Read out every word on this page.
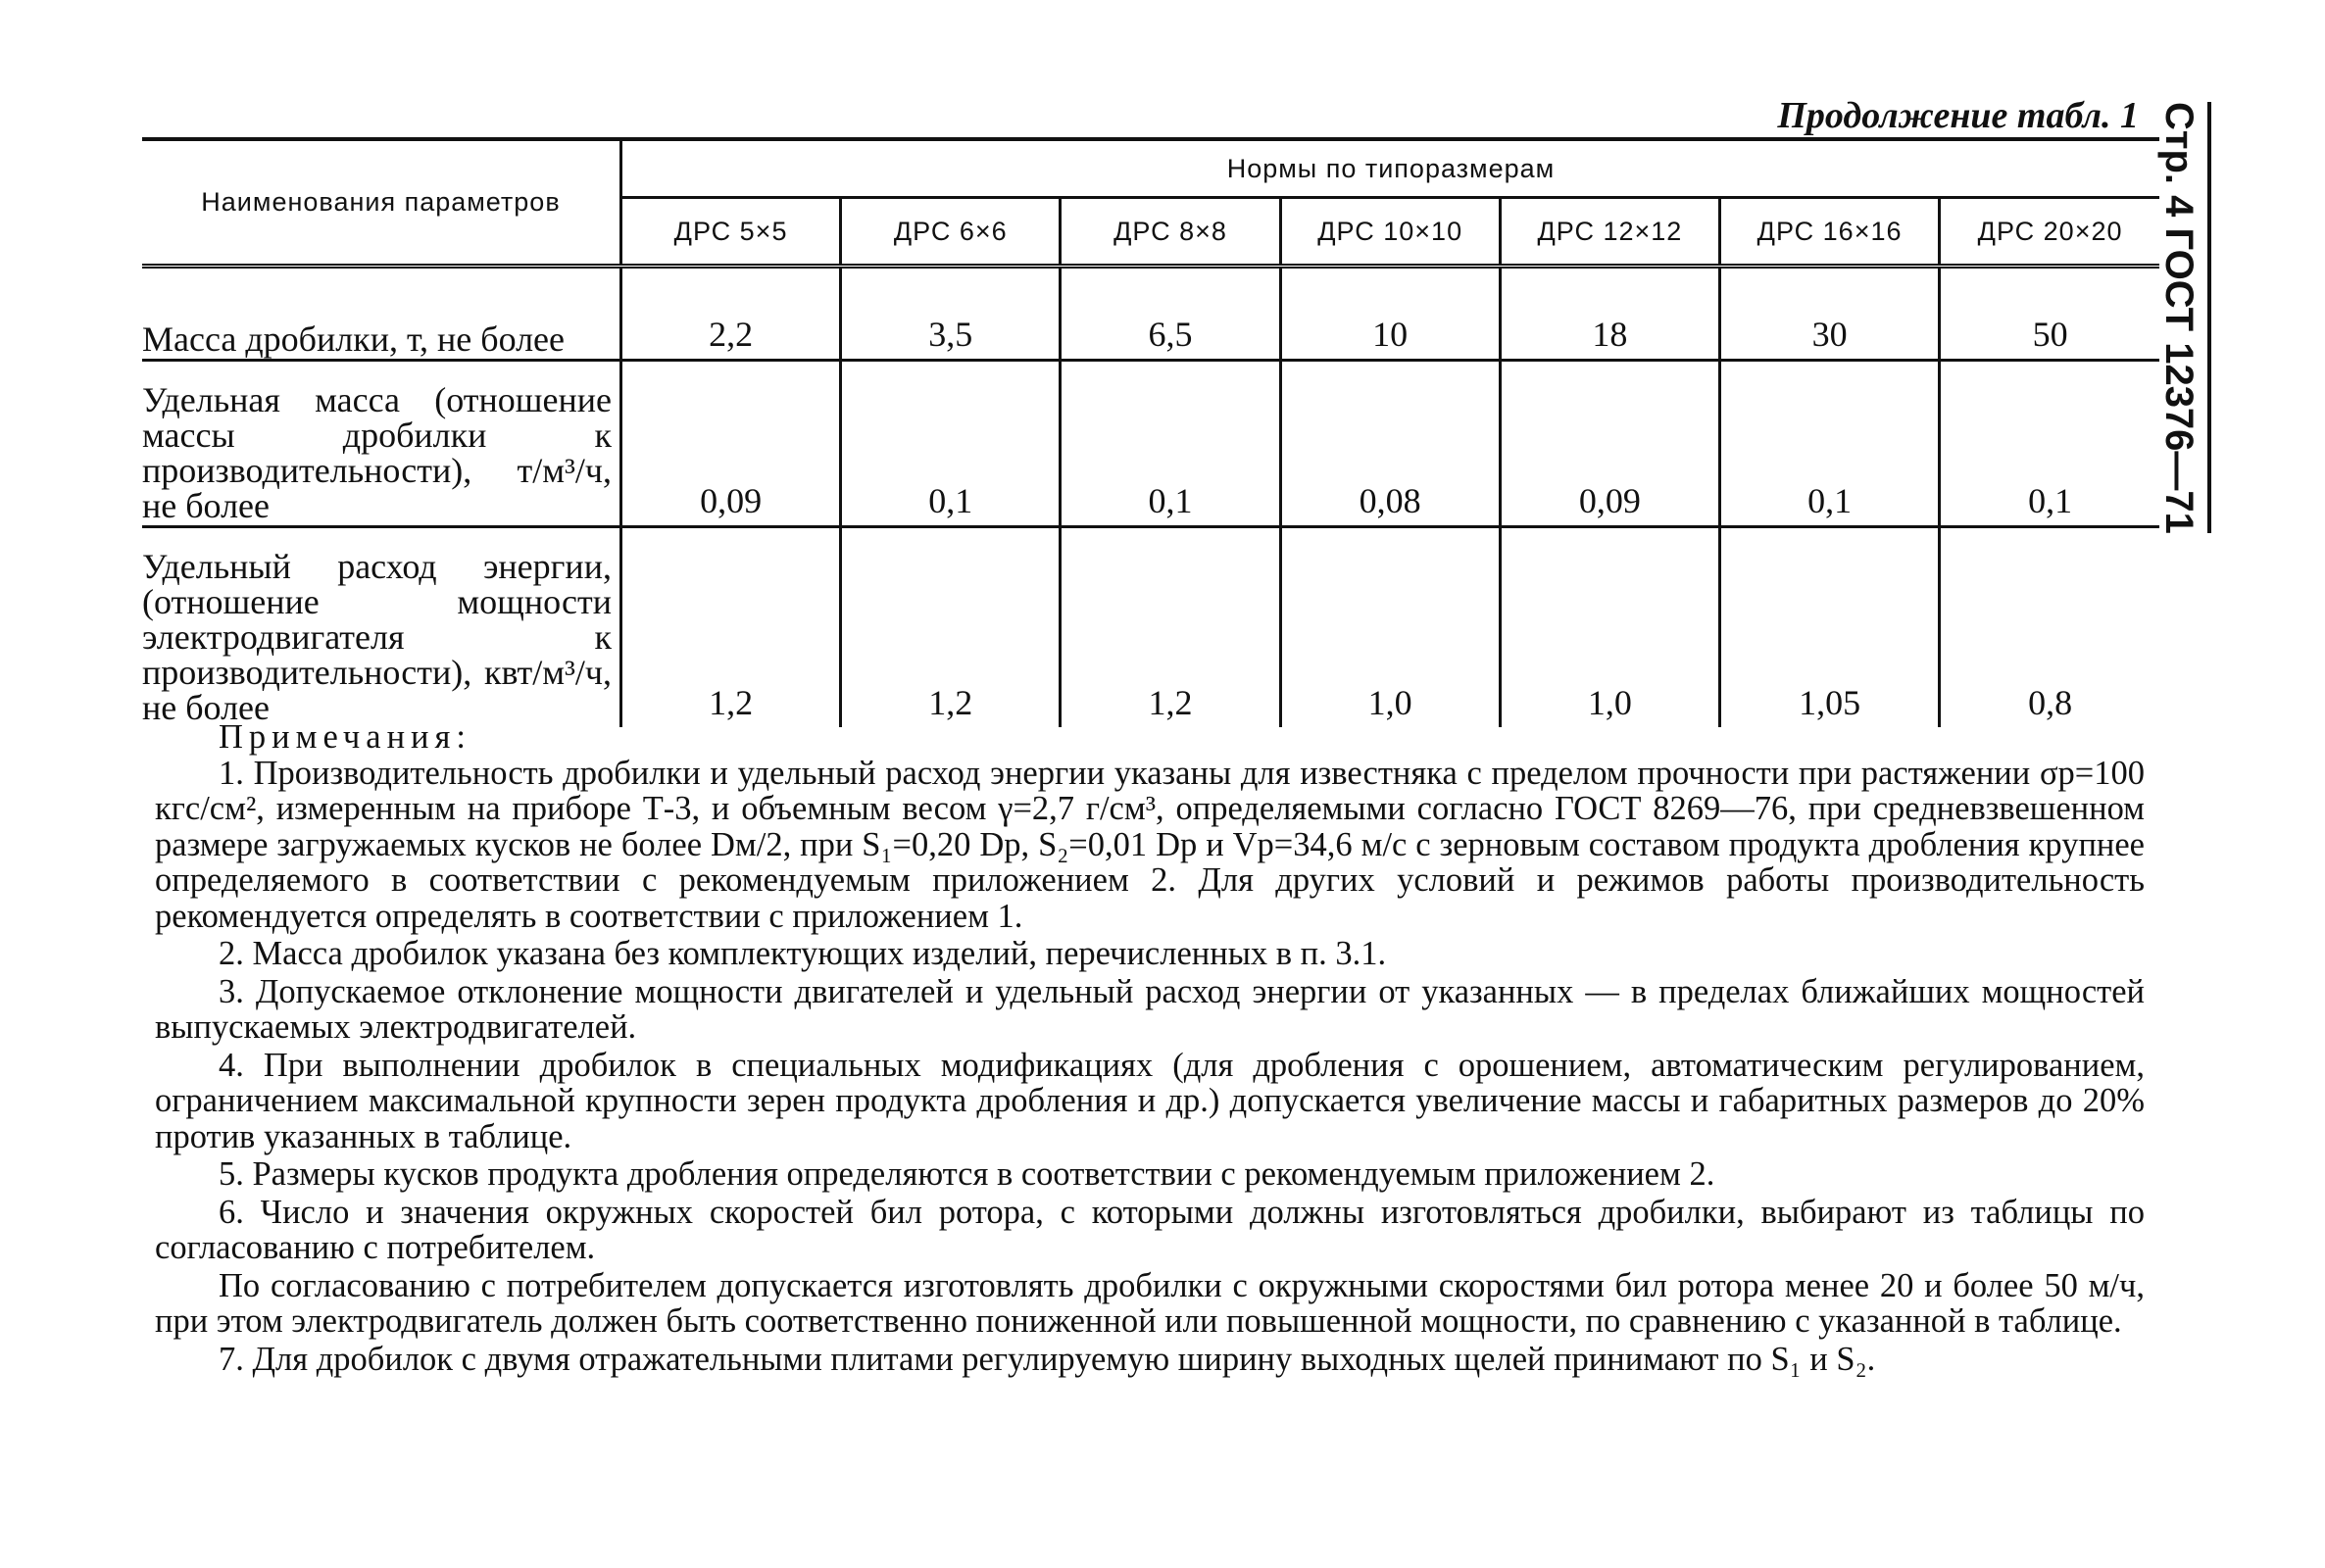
Стр. 4 ГОСТ 12376—71
Продолжение табл. 1
Наименования параметров	Нормы по типоразмерам						
	ДРС 5×5	ДРС 6×6	ДРС 8×8	ДРС 10×10	ДРС 12×12	ДРС 16×16	ДРС 20×20
Масса дробилки, т, не более	2,2	3,5	6,5	10	18	30	50
Удельная масса (отношение массы дробилки к производительности), т/м³/ч, не более	0,09	0,1	0,1	0,08	0,09	0,1	0,1
Удельный расход энергии, (отношение мощности электродвигателя к производительности), квт/м³/ч, не более	1,2	1,2	1,2	1,0	1,0	1,05	0,8
Примечания:

1. Производительность дробилки и удельный расход энергии указаны для известняка с пределом прочности при растяжении σр=100 кгс/см², измеренным на приборе Т-3, и объемным весом γ=2,7 г/см³, определяемыми согласно ГОСТ 8269—76, при средневзвешенном размере загружаемых кусков не более Dм/2, при S₁=0,20 Dр, S₂=0,01 Dр и Vр=34,6 м/с с зерновым составом продукта дробления крупнее определяемого в соответствии с рекомендуемым приложением 2. Для других условий и режимов работы производительность рекомендуется определять в соответствии с приложением 1.

2. Масса дробилок указана без комплектующих изделий, перечисленных в п. 3.1.

3. Допускаемое отклонение мощности двигателей и удельный расход энергии от указанных — в пределах ближайших мощностей выпускаемых электродвигателей.

4. При выполнении дробилок в специальных модификациях (для дробления с орошением, автоматическим регулированием, ограничением максимальной крупности зерен продукта дробления и др.) допускается увеличение массы и габаритных размеров до 20% против указанных в таблице.

5. Размеры кусков продукта дробления определяются в соответствии с рекомендуемым приложением 2.

6. Число и значения окружных скоростей бил ротора, с которыми должны изготовляться дробилки, выбирают из таблицы по согласованию с потребителем.

По согласованию с потребителем допускается изготовлять дробилки с окружными скоростями бил ротора менее 20 и более 50 м/ч, при этом электродвигатель должен быть соответственно пониженной или повышенной мощности, по сравнению с указанной в таблице.

7. Для дробилок с двумя отражательными плитами регулируемую ширину выходных щелей принимают по S₁ и S₂.
